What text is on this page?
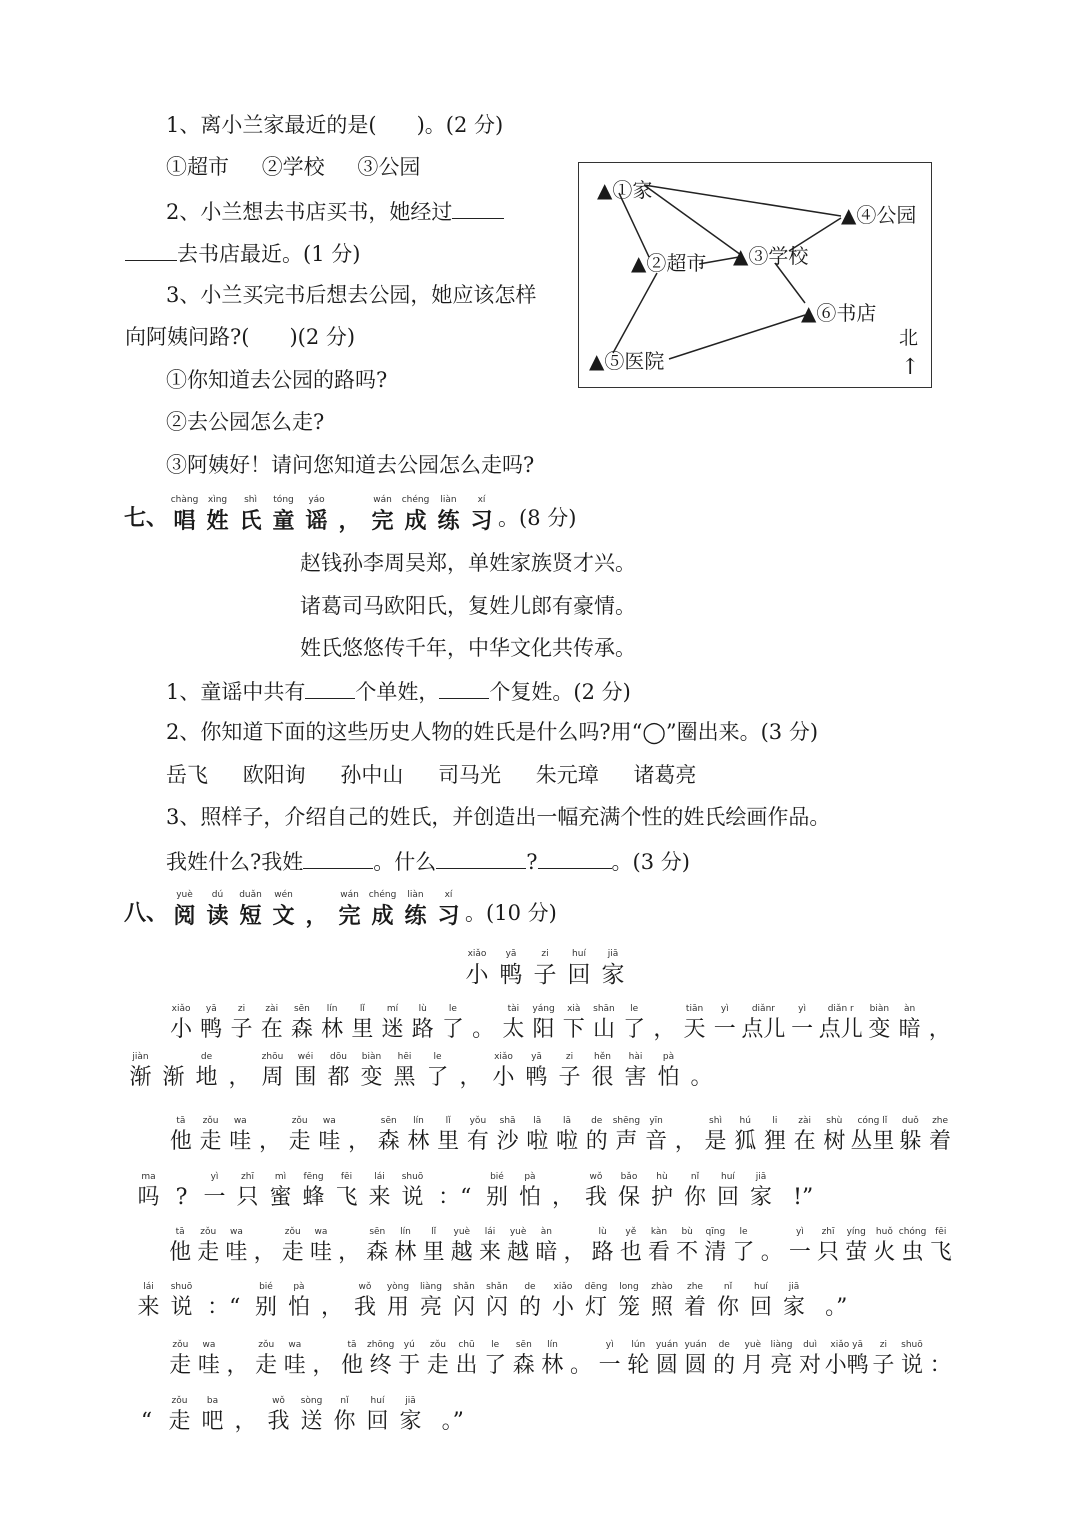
1、离小兰家最近的是( )。(2 分)
①超市 ②学校 ③公园
2、小兰想去书店买书，她经过
去书店最近。(1 分)
3、小兰买完书后想去公园，她应该怎样
向阿姨问路?( )(2 分)
①你知道去公园的路吗?
②去公园怎么走?
③阿姨好！请问您知道去公园怎么走吗?
▲①家
▲④公园
▲②超市 ▲③学校
▲⑥书店
▲⑤医院
北
↑
七、
chàng
唱
xìng
姓
shì
氏
tóng
童
yáo
谣
，
wán
完
chéng
成
liàn
练
xí
习 。(8 分)
赵钱孙李周吴郑，单姓家族贤才兴。
诸葛司马欧阳氏，复姓儿郎有豪情。
姓氏悠悠传千年，中华文化共传承。
1、童谣中共有 个单姓， 个复姓。(2 分)
2、你知道下面的这些历史人物的姓氏是什么吗?用“◯”圈出来。(3 分)
岳飞 欧阳询 孙中山 司马光 朱元璋 诸葛亮
3、照样子，介绍自己的姓氏，并创造出一幅充满个性的姓氏绘画作品。
我姓什么?我姓	。什么	?	。(3 分)
八、
yuè
阅
dú
读
duǎn
短
wén
文
，
wán
完
chéng
成
liàn
练
xí
习 。(10 分)
xiǎo
小
yā
鸭
zi
子
huí
回
jiā
家
xiǎo
小
yā
鸭
zi
子
zài
在
sēn
森
lín
林
lǐ
里
mí
迷
lù
路
le
了
。
tài
太
yáng
阳
xià
下
shān
山
le
了
，
tiān
天
yì
一
diǎnr
点儿
yì
一
diǎn r
点儿
biàn
变
àn
暗
，
jiàn
渐
渐
de
地
，
zhōu
周
wéi
围
dōu
都
biàn
变
hēi
黑
le
了
，
xiǎo
小
yā
鸭
zi
子
hěn
很
hài
害
pà
怕
。
tā
他
zǒu
走
wa
哇
，
zǒu
走
wa
哇
，
sēn
森
lín
林
lǐ
里
yǒu
有
shā
沙
lā
啦
lā
啦
de
的
shēng
声
yīn
音
，
shì
是
hú
狐
li
狸
zài
在
shù
树
cóng lǐ
丛里
duǒ
躲
zhe
着
ma
吗
?
yì
一
zhī
只
mì
蜜
fēng
蜂
fēi
飞
lái
来
shuō
说
：“
bié
别
pà
怕
，
wǒ
我
bǎo
保
hù
护
nǐ
你
huí
回
jiā
家
!”
tā
他
zǒu
走
wa
哇
，
zǒu
走
wa
哇
，
sēn
森
lín
林
lǐ
里
yuè
越
lái
来
yuè
越
àn
暗
，
lù
路
yě
也
kàn
看
bù
不
qīng
清
le
了
。
yì
一
zhī
只
yíng
萤
huǒ
火
chóng
虫
fēi
飞
lái
来
shuō
说
：“
bié
别
pà
怕
，
wǒ
我
yòng
用
liàng
亮
shǎn
闪
shǎn
闪
de
的
xiǎo
小
dēng
灯
long
笼
zhào
照
zhe
着
nǐ
你
huí
回
jiā
家
。”
zǒu
走
wa
哇
，
zǒu
走
wa
哇
，
tā
他
zhōng
终
yú
于
zǒu
走
chū
出
le
了
sēn
森
lín
林
。
yì
一
lún
轮
yuán
圆
yuán
圆
de
的
yuè
月
liàng
亮
duì
对
xiǎo yā
小鸭
zi
子
shuō
说
：

“
zǒu
走
ba
吧
，
wǒ
我
sòng
送
nǐ
你
huí
回
jiā
家
。”
